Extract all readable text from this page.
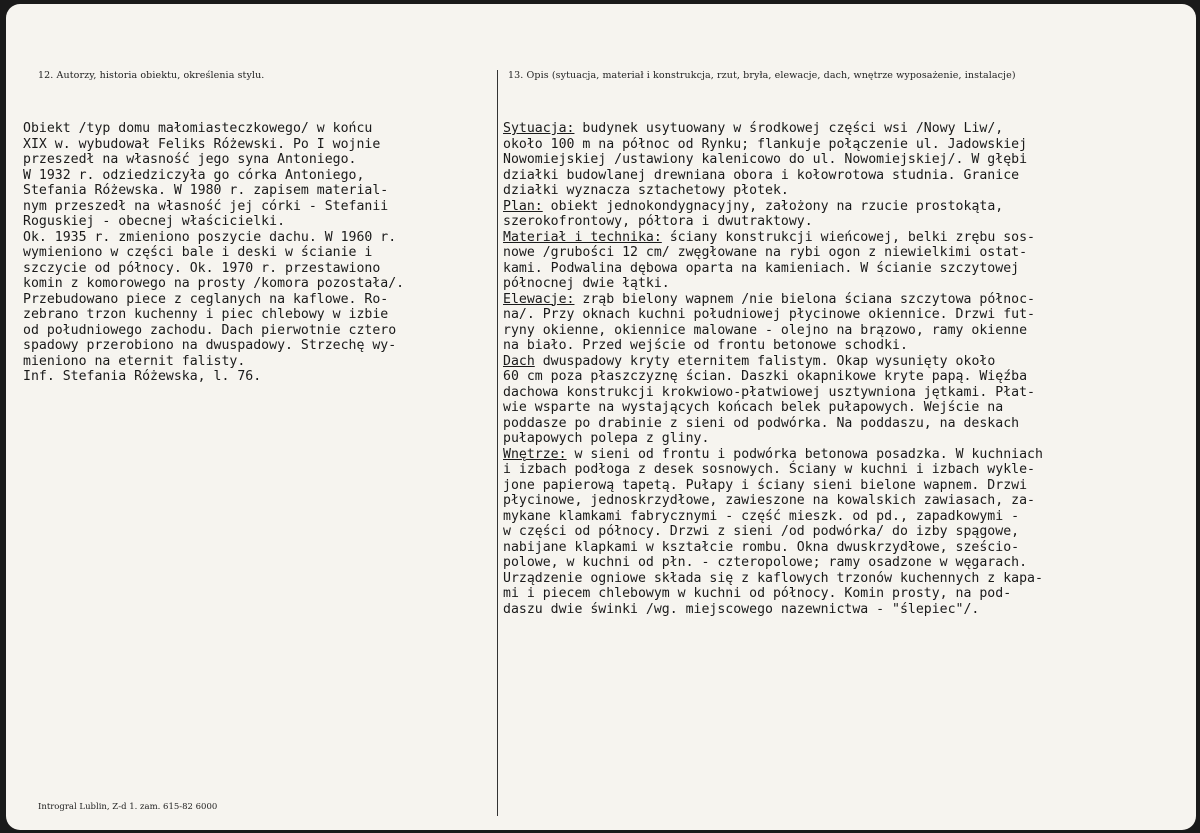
12. Autorzy, historia obiektu, określenia stylu.	13. Opis (sytuacja, materiał i konstrukcja, rzut, bryła, elewacje, dach, wnętrze wyposażenie, instalacje)
Obiekt /typ domu małomiasteczkowego/ w końcu
XIX w. wybudował Feliks Różewski. Po I wojnie
przeszedł na własność jego syna Antoniego.
W 1932 r. odziedziczyła go córka Antoniego,
Stefania Różewska. W 1980 r. zapisem material-
nym przeszedł na własność jej córki - Stefanii
Roguskiej - obecnej właścicielki.
Ok. 1935 r. zmieniono poszycie dachu. W 1960 r.
wymieniono w części bale i deski w ścianie i
szczycie od północy. Ok. 1970 r. przestawiono
komin z komorowego na prosty /komora pozostała/.
Przebudowano piece z ceglanych na kaflowe. Ro-
zebrano trzon kuchenny i piec chlebowy w izbie
od południowego zachodu. Dach pierwotnie cztero
spadowy przerobiono na dwuspadowy. Strzechę wy-
mieniono na eternit falisty.
Inf. Stefania Różewska, l. 76.
Sytuacja: budynek usytuowany w środkowej części wsi /Nowy Liw/,
około 100 m na północ od Rynku; flankuje połączenie ul. Jadowskiej
Nowomiejskiej /ustawiony kalenicowo do ul. Nowomiejskiej/. W głębi
działki budowlanej drewniana obora i kołowrotowa studnia. Granice
działki wyznacza sztachetowy płotek.
Plan: obiekt jednokondygnacyjny, założony na rzucie prostokąta,
szerokofrontowy, półtora i dwutraktowy.
Materiał i technika: ściany konstrukcji wieńcowej, belki zrębu sos-
nowe /grubości 12 cm/ zwęgłowane na rybi ogon z niewielkimi ostat-
kami. Podwalina dębowa oparta na kamieniach. W ścianie szczytowej
północnej dwie łątki.
Elewacje: zrąb bielony wapnem /nie bielona ściana szczytowa północ-
na/. Przy oknach kuchni południowej płycinowe okiennice. Drzwi fut-
ryny okienne, okiennice malowane - olejno na brązowo, ramy okienne
na biało. Przed wejście od frontu betonowe schodki.
Dach dwuspadowy kryty eternitem falistym. Okap wysunięty około
60 cm poza płaszczyznę ścian. Daszki okapnikowe kryte papą. Więźba
dachowa konstrukcji krokwiowo-płatwiowej usztywniona jętkami. Płat-
wie wsparte na wystających końcach belek pułapowych. Wejście na
poddasze po drabinie z sieni od podwórka. Na poddaszu, na deskach
pułapowych polepa z gliny.
Wnętrze: w sieni od frontu i podwórka betonowa posadzka. W kuchniach
i izbach podłoga z desek sosnowych. Ściany w kuchni i izbach wykle-
jone papierową tapetą. Pułapy i ściany sieni bielone wapnem. Drzwi
płycinowe, jednoskrzydłowe, zawieszone na kowalskich zawiasach, za-
mykane klamkami fabrycznymi - część mieszk. od pd., zapadkowymi -
w części od północy. Drzwi z sieni /od podwórka/ do izby spągowe,
nabijane klapkami w kształcie rombu. Okna dwuskrzydłowe, sześcio-
polowe, w kuchni od płn. - czteropolowe; ramy osadzone w węgarach.
Urządzenie ogniowe składa się z kaflowych trzonów kuchennych z kapa-
mi i piecem chlebowym w kuchni od północy. Komin prosty, na pod-
daszu dwie świnki /wg. miejscowego nazewnictwa - "ślepiec"/.
Introgral Lublin, Z-d 1. zam. 615-82 6000
